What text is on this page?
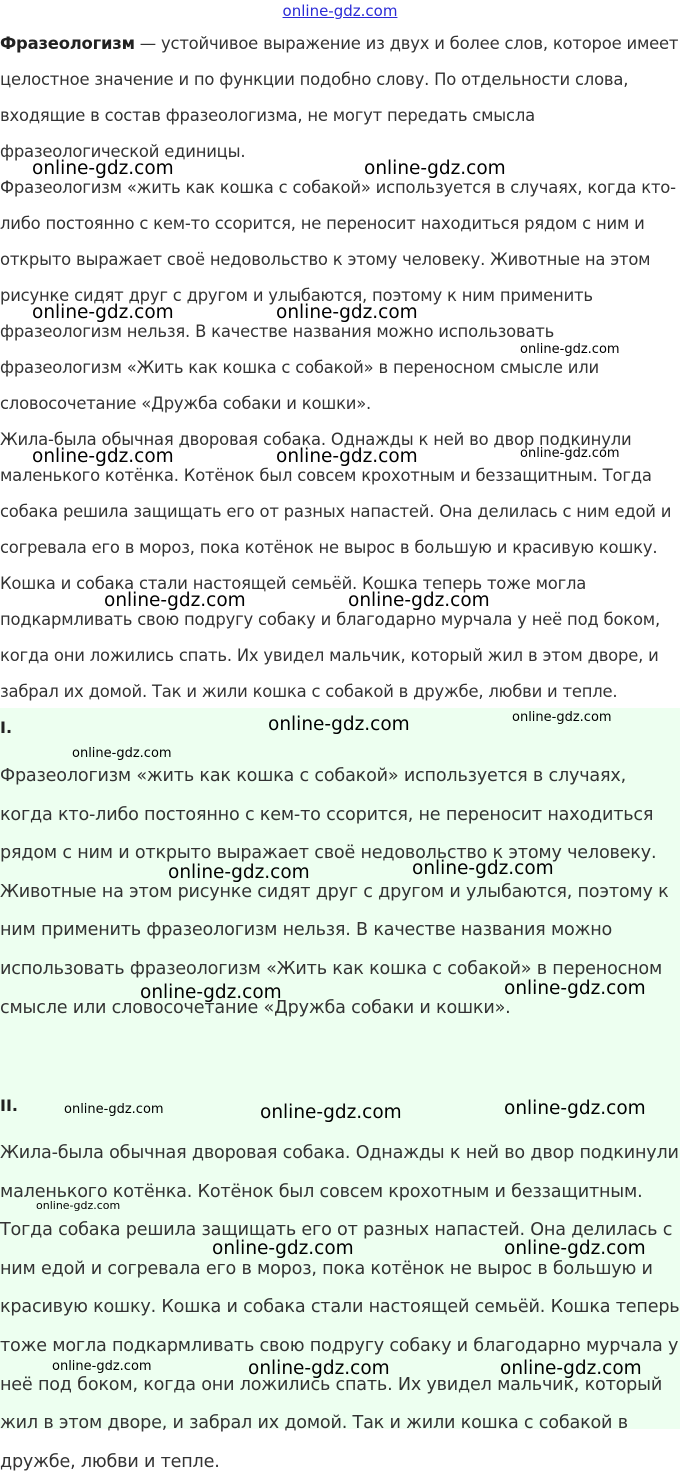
online-gdz.com

Фразеологизм — устойчивое выражение из двух и более слов, которое имеет целостное значение и по функции подобно слову. По отдельности слова, входящие в состав фразеологизма, не могут передать смысла фразеологической единицы.

Фразеологизм «жить как кошка с собакой» используется в случаях, когда кто-либо постоянно с кем-то ссорится, не переносит находиться рядом с ним и открыто выражает своё недовольство к этому человеку. Животные на этом рисунке сидят друг с другом и улыбаются, поэтому к ним применить фразеологизм нельзя. В качестве названия можно использовать фразеологизм «Жить как кошка с собакой» в переносном смысле или словосочетание «Дружба собаки и кошки».

Жила-была обычная дворовая собака. Однажды к ней во двор подкинули маленького котёнка. Котёнок был совсем крохотным и беззащитным. Тогда собака решила защищать его от разных напастей. Она делилась с ним едой и согревала его в мороз, пока котёнок не вырос в большую и красивую кошку. Кошка и собака стали настоящей семьёй. Кошка теперь тоже могла подкармливать свою подругу собаку и благодарно мурчала у неё под боком, когда они ложились спать. Их увидел мальчик, который жил в этом дворе, и забрал их домой. Так и жили кошка с собакой в дружбе, любви и тепле.

I.

Фразеологизм «жить как кошка с собакой» используется в случаях, когда кто-либо постоянно с кем-то ссорится, не переносит находиться рядом с ним и открыто выражает своё недовольство к этому человеку. Животные на этом рисунке сидят друг с другом и улыбаются, поэтому к ним применить фразеологизм нельзя. В качестве названия можно использовать фразеологизм «Жить как кошка с собакой» в переносном смысле или словосочетание «Дружба собаки и кошки».

II.

Жила-была обычная дворовая собака. Однажды к ней во двор подкинули маленького котёнка. Котёнок был совсем крохотным и беззащитным. Тогда собака решила защищать его от разных напастей. Она делилась с ним едой и согревала его в мороз, пока котёнок не вырос в большую и красивую кошку. Кошка и собака стали настоящей семьёй. Кошка теперь тоже могла подкармливать свою подругу собаку и благодарно мурчала у неё под боком, когда они ложились спать. Их увидел мальчик, который жил в этом дворе, и забрал их домой. Так и жили кошка с собакой в дружбе, любви и тепле.

online-gdz.com	online-gdz.com
online-gdz.com	online-gdz.com
online-gdz.com
online-gdz.com
online-gdz.com	online-gdz.com
online-gdz.com	online-gdz.com
online-gdz.com	online-gdz.com
online-gdz.com
online-gdz.com	online-gdz.com
online-gdz.com	online-gdz.com
online-gdz.com	online-gdz.com	online-gdz.com
online-gdz.com
online-gdz.com	online-gdz.com
online-gdz.com	online-gdz.com	online-gdz.com
